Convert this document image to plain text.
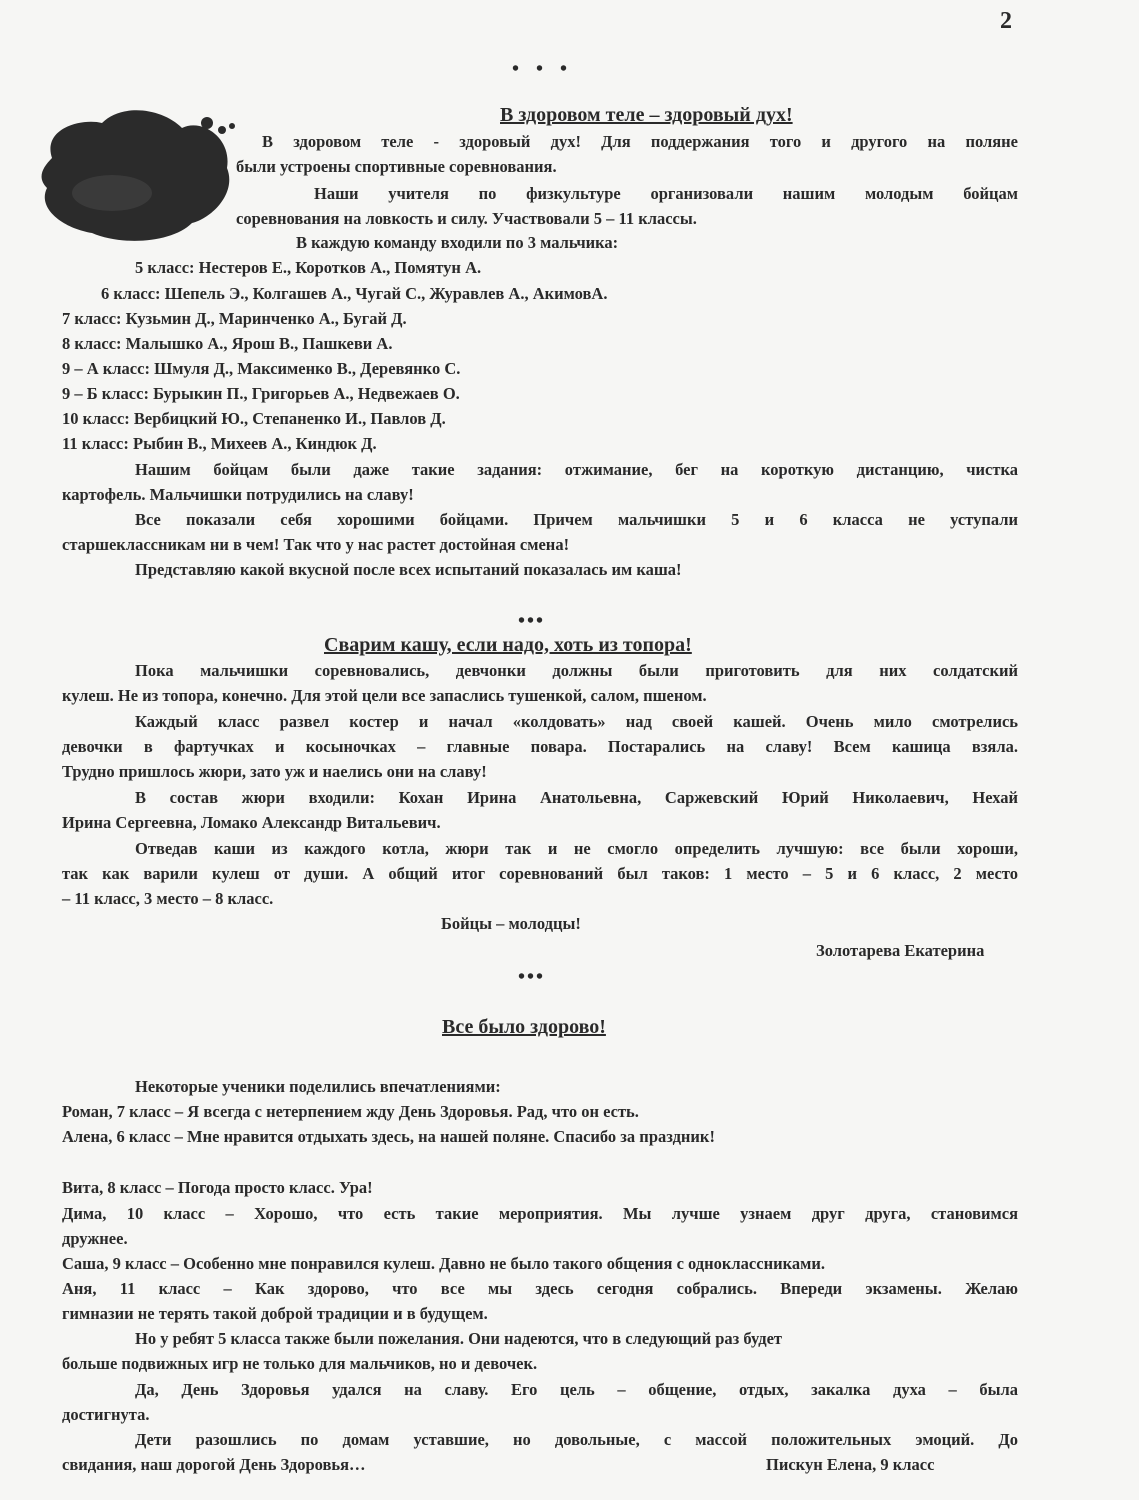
2
• • •
В здоровом теле – здоровый дух!
В здоровом теле - здоровый дух! Для поддержания того и другого на поляне
были устроены спортивные соревнования.
Наши учителя по физкультуре организовали нашим молодым бойцам
соревнования на ловкость и силу. Участвовали 5 – 11 классы.
В каждую команду входили по 3 мальчика:
5 класс: Нестеров Е., Коротков А., Помятун А.
6 класс: Шепель Э., Колгашев А., Чугай С., Журавлев А., АкимовА.
7 класс: Кузьмин Д., Маринченко А., Бугай Д.
8 класс: Малышко А., Ярош В., Пашкеви А.
9 – А класс: Шмуля Д., Максименко В., Деревянко С.
9 – Б класс: Бурыкин П., Григорьев А., Недвежаев О.
10 класс: Вербицкий Ю., Степаненко И., Павлов Д.
11 класс: Рыбин В., Михеев А., Киндюк Д.
Нашим бойцам были даже такие задания: отжимание, бег на короткую дистанцию, чистка
картофель. Мальчишки потрудились на славу!
Все показали себя хорошими бойцами. Причем мальчишки 5 и 6 класса не уступали
старшеклассникам ни в чем! Так что у нас растет достойная смена!
Представляю какой вкусной после всех испытаний показалась им каша!
•••
Сварим кашу, если надо, хоть из топора!
Пока мальчишки соревновались, девчонки должны были приготовить для них солдатский
кулеш. Не из топора, конечно. Для этой цели все запаслись тушенкой, салом, пшеном.
Каждый класс развел костер и начал «колдовать» над своей кашей. Очень мило смотрелись
девочки в фартучках и косыночках – главные повара. Постарались на славу! Всем кашица взяла.
Трудно пришлось жюри, зато уж и наелись они на славу!
В состав жюри входили: Кохан Ирина Анатольевна, Саржевский Юрий Николаевич, Нехай
Ирина Сергеевна, Ломако Александр Витальевич.
Отведав каши из каждого котла, жюри так и не смогло определить лучшую: все были хороши,
так как варили кулеш от души. А общий итог соревнований был таков: 1 место – 5 и 6 класс, 2 место
– 11 класс, 3 место – 8 класс.
Бойцы – молодцы!
Золотарева Екатерина
•••
Все было здорово!
Некоторые ученики поделились впечатлениями:
Роман, 7 класс – Я всегда с нетерпением жду День Здоровья. Рад, что он есть.
Алена, 6 класс – Мне нравится отдыхать здесь, на нашей поляне. Спасибо за праздник!
Вита, 8 класс – Погода просто класс. Ура!
Дима, 10 класс – Хорошо, что есть такие мероприятия. Мы лучше узнаем друг друга, становимся
дружнее.
Саша, 9 класс – Особенно мне понравился кулеш. Давно не было такого общения с одноклассниками.
Аня, 11 класс – Как здорово, что все мы здесь сегодня собрались. Впереди экзамены. Желаю
гимназии не терять такой доброй традиции и в будущем.
Но у ребят 5 класса также были пожелания. Они надеются, что в следующий раз будет
больше подвижных игр не только для мальчиков, но и девочек.
Да, День Здоровья удался на славу. Его цель – общение, отдых, закалка духа – была
достигнута.
Дети разошлись по домам уставшие, но довольные, с массой положительных эмоций. До
свидания, наш дорогой День Здоровья…	Пискун Елена, 9 класс
